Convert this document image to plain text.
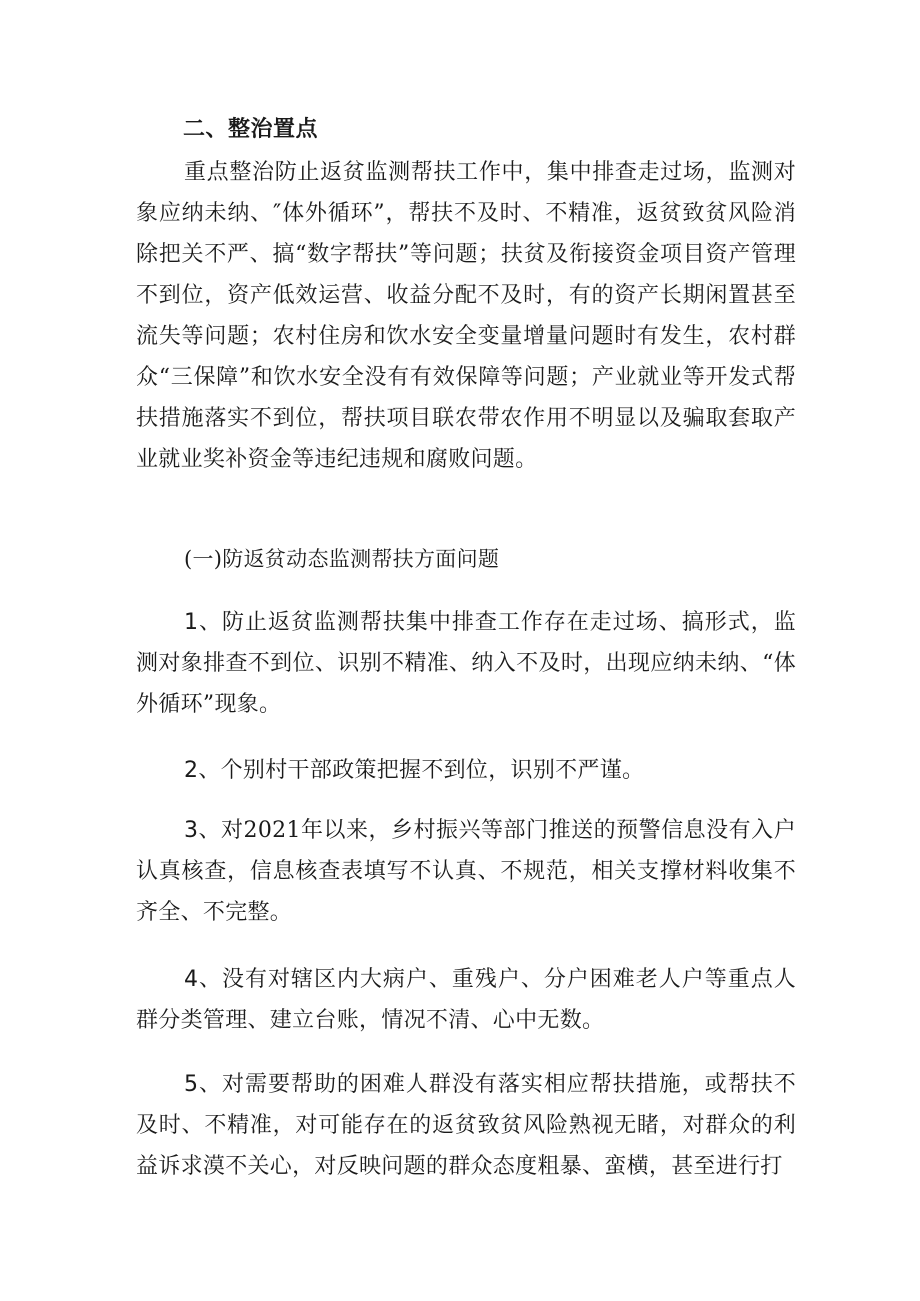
二、整治置点

重点整治防止返贫监测帮扶工作中，集中排查走过场，监测对象应纳未纳、″体外循环”，帮扶不及时、不精准，返贫致贫风险消除把关不严、搞“数字帮扶”等问题；扶贫及衔接资金项目资产管理不到位，资产低效运营、收益分配不及时，有的资产长期闲置甚至流失等问题；农村住房和饮水安全变量增量问题时有发生，农村群众“三保障”和饮水安全没有有效保障等问题；产业就业等开发式帮扶措施落实不到位，帮扶项目联农带农作用不明显以及骗取套取产业就业奖补资金等违纪违规和腐败问题。

(一)防返贫动态监测帮扶方面问题

1、防止返贫监测帮扶集中排查工作存在走过场、搞形式，监测对象排查不到位、识别不精准、纳入不及时，出现应纳未纳、“体外循环”现象。

2、个别村干部政策把握不到位，识别不严谨。

3、对2021年以来，乡村振兴等部门推送的预警信息没有入户认真核查，信息核查表填写不认真、不规范，相关支撑材料收集不齐全、不完整。

4、没有对辖区内大病户、重残户、分户困难老人户等重点人群分类管理、建立台账，情况不清、心中无数。

5、对需要帮助的困难人群没有落实相应帮扶措施，或帮扶不及时、不精准，对可能存在的返贫致贫风险熟视无睹，对群众的利益诉求漠不关心，对反映问题的群众态度粗暴、蛮横，甚至进行打
